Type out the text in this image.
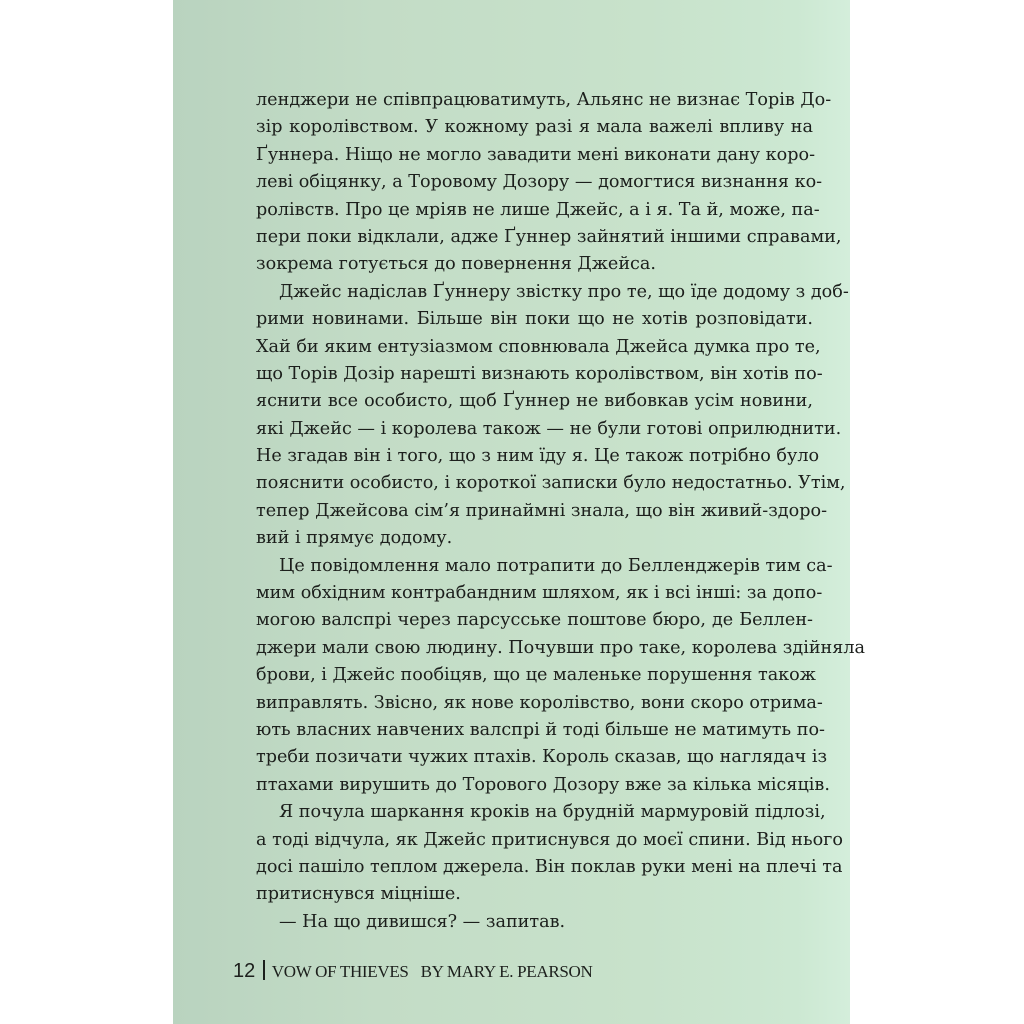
ленджери не співпрацюватимуть, Альянс не визнає Торів До-
зір королівством. У кожному разі я мала важелі впливу на
Ґуннера. Ніщо не могло завадити мені виконати дану коро-
леві обіцянку, а Торовому Дозору — домогтися визнання ко-
ролівств. Про це мріяв не лише Джейс, а і я. Та й, може, па-
пери поки відклали, адже Ґуннер зайнятий іншими справами,
зокрема готується до повернення Джейса.
Джейс надіслав Ґуннеру звістку про те, що їде додому з доб-
рими новинами. Більше він поки що не хотів розповідати.
Хай би яким ентузіазмом сповнювала Джейса думка про те,
що Торів Дозір нарешті визнають королівством, він хотів по-
яснити все особисто, щоб Ґуннер не вибовкав усім новини,
які Джейс — і королева також — не були готові оприлюднити.
Не згадав він і того, що з ним їду я. Це також потрібно було
пояснити особисто, і короткої записки було недостатньо. Утім,
тепер Джейсова сім’я принаймні знала, що він живий-здоро-
вий і прямує додому.
Це повідомлення мало потрапити до Белленджерів тим са-
мим обхідним контрабандним шляхом, як і всі інші: за допо-
могою валспрі через парсусське поштове бюро, де Беллен-
джери мали свою людину. Почувши про таке, королева здійняла
брови, і Джейс пообіцяв, що це маленьке порушення також
виправлять. Звісно, як нове королівство, вони скоро отрима-
ють власних навчених валспрі й тоді більше не матимуть по-
треби позичати чужих птахів. Король сказав, що наглядач із
птахами вирушить до Торового Дозору вже за кілька місяців.
Я почула шаркання кроків на брудній мармуровій підлозі,
а тоді відчула, як Джейс притиснувся до моєї спини. Від нього
досі пашіло теплом джерела. Він поклав руки мені на плечі та
притиснувся міцніше.
— На що дивишся? — запитав.
12 VOW OF THIEVES BY MARY E. PEARSON
